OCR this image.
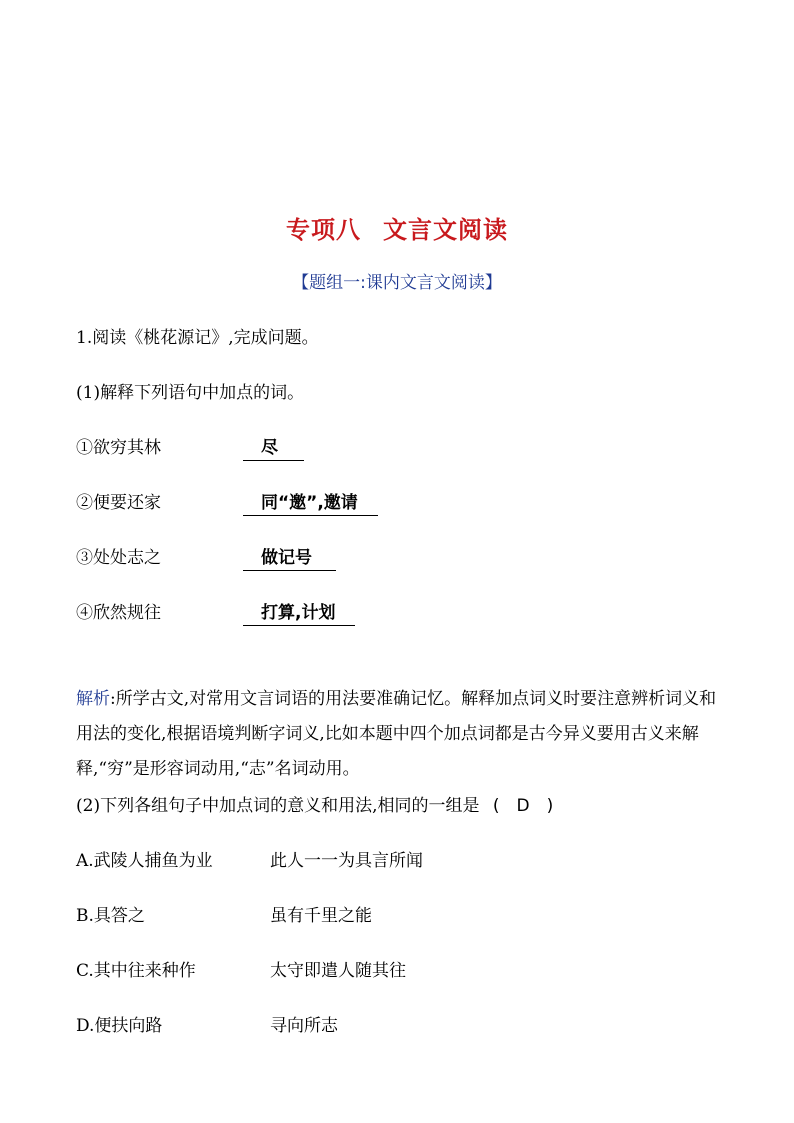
专项八 文言文阅读
【题组一:课内文言文阅读】
1.阅读《桃花源记》,完成问题。
(1)解释下列语句中加点的词。
①欲穷其林	尽
②便要还家	同“邀”,邀请
③处处志之	做记号
④欣然规往	打算,计划
解析:所学古文,对常用文言词语的用法要准确记忆。解释加点词义时要注意辨析词义和用法的变化,根据语境判断字词义,比如本题中四个加点词都是古今异义要用古义来解释,“穷”是形容词动用,“志”名词动用。
(2)下列各组句子中加点词的意义和用法,相同的一组是 (　D　)
A.武陵人捕鱼为业	此人一一为具言所闻
B.具答之	虽有千里之能
C.其中往来种作	太守即遣人随其往
D.便扶向路	寻向所志
